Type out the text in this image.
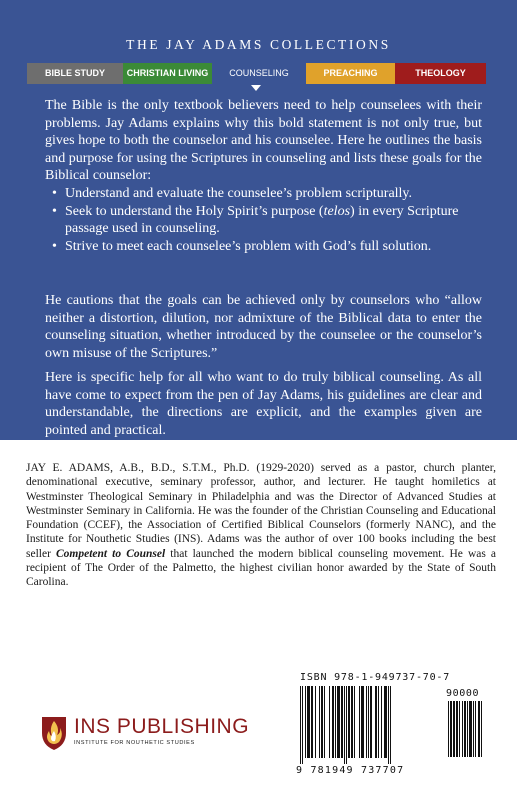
THE JAY ADAMS COLLECTIONS
BIBLE STUDY	CHRISTIAN LIVING	COUNSELING	PREACHING	THEOLOGY

The Bible is the only textbook believers need to help counselees with their problems. Jay Adams explains why this bold statement is not only true, but gives hope to both the counselor and his counselee. Here he outlines the basis and purpose for using the Scriptures in counseling and lists these goals for the Biblical counselor:

• Understand and evaluate the counselee’s problem scripturally.
• Seek to understand the Holy Spirit’s purpose (telos) in every Scripture passage used in counseling.
• Strive to meet each counselee’s problem with God’s full solution.

He cautions that the goals can be achieved only by counselors who “allow neither a distortion, dilution, nor admixture of the Biblical data to enter the counseling situation, whether introduced by the counselee or the counselor’s own misuse of the Scriptures.”

Here is specific help for all who want to do truly biblical counseling. As all have come to expect from the pen of Jay Adams, his guidelines are clear and understandable, the directions are explicit, and the examples given are pointed and practical.

JAY E. ADAMS, A.B., B.D., S.T.M., Ph.D. (1929-2020) served as a pastor, church planter, denominational executive, seminary professor, author, and lecturer. He taught homiletics at Westminster Theological Seminary in Philadelphia and was the Director of Advanced Studies at Westminster Seminary in California. He was the founder of the Christian Counseling and Educational Foundation (CCEF), the Association of Certified Biblical Counselors (formerly NANC), and the Institute for Nouthetic Studies (INS). Adams was the author of over 100 books including the best seller Competent to Counsel that launched the modern biblical counseling movement. He was a recipient of The Order of the Palmetto, the highest civilian honor awarded by the State of South Carolina.
INS PUBLISHING
INSTITUTE FOR NOUTHETIC STUDIES
ISBN 978-1-949737-70-7
90000
9 781949 737707
